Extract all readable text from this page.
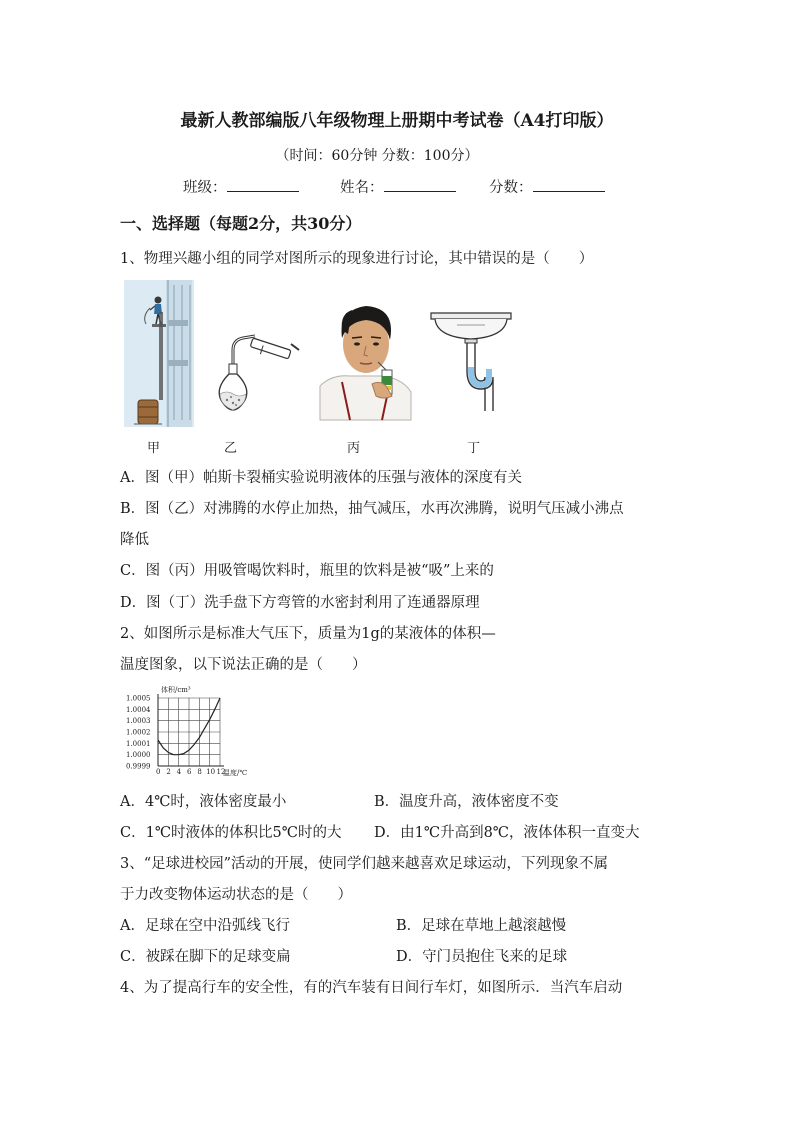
最新人教部编版八年级物理上册期中考试卷（A4打印版）
（时间：60分钟 分数：100分）
班级：	姓名：	分数：
一、选择题（每题2分，共30分）
1、物理兴趣小组的同学对图所示的现象进行讨论，其中错误的是（　　）
甲	乙	丙	丁
A．图（甲）帕斯卡裂桶实验说明液体的压强与液体的深度有关
B．图（乙）对沸腾的水停止加热，抽气减压，水再次沸腾，说明气压减小沸点
降低
C．图（丙）用吸管喝饮料时，瓶里的饮料是被“吸”上来的
D．图（丁）洗手盘下方弯管的水密封利用了连通器原理
2、如图所示是标准大气压下，质量为1g的某液体的体积—
温度图象，以下说法正确的是（　　）
0.9999
1.0000
1.0001
1.0002
1.0003
1.0004
1.0005
0 2 4 6 8 10 12
体积/cm³
温度/℃
A．4℃时，液体密度最小	B．温度升高，液体密度不变
C．1℃时液体的体积比5℃时的大 D．由1℃升高到8℃，液体体积一直变大
3、“足球进校园”活动的开展，使同学们越来越喜欢足球运动，下列现象不属
于力改变物体运动状态的是（　　）
A．足球在空中沿弧线飞行	B．足球在草地上越滚越慢
C．被踩在脚下的足球变扁	D．守门员抱住飞来的足球
4、为了提高行车的安全性，有的汽车装有日间行车灯，如图所示．当汽车启动
